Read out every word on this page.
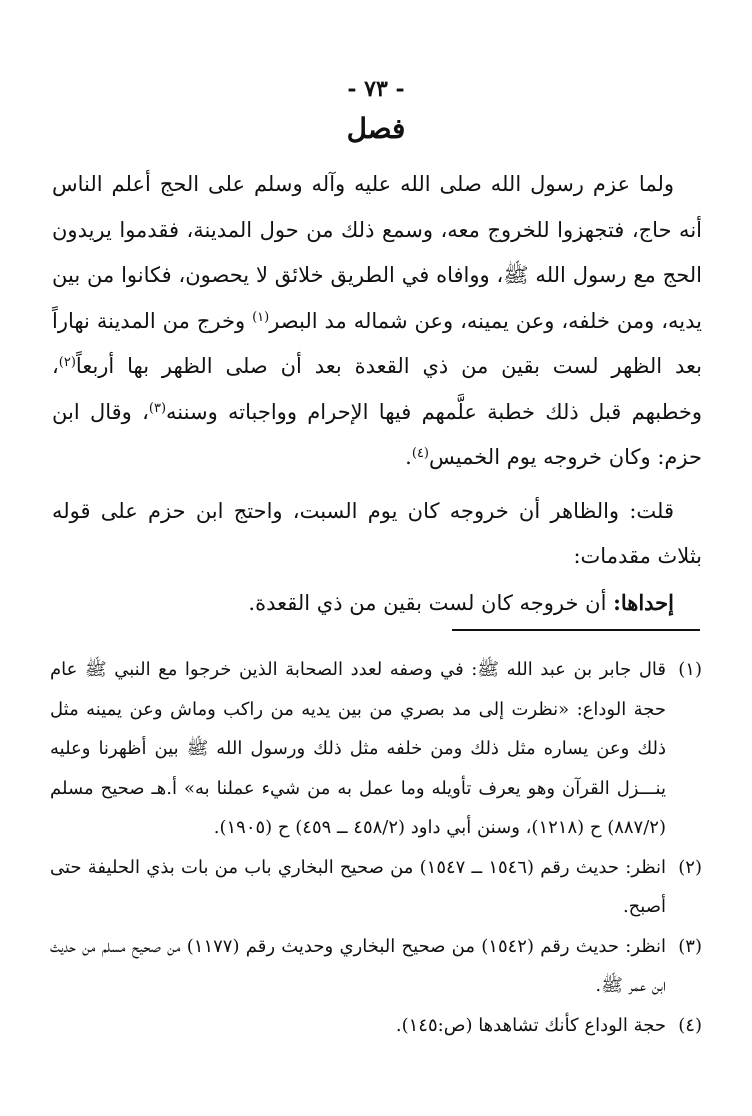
- ٧٣ -
فصل

ولما عزم رسول الله صلى الله عليه وآله وسلم على الحج أعلم الناس أنه حاج، فتجهزوا للخروج معه، وسمع ذلك من حول المدينة، فقدموا يريدون الحج مع رسول الله ﷺ، ووافاه في الطريق خلائق لا يحصون، فكانوا من بين يديه، ومن خلفه، وعن يمينه، وعن شماله مد البصر$^{(١)}$ وخرج من المدينة نهاراً بعد الظهر لست بقين من ذي القعدة بعد أن صلى الظهر بها أربعاً$^{(٢)}$، وخطبهم قبل ذلك خطبة علَّمهم فيها الإحرام وواجباته وسننه$^{(٣)}$، وقال ابن حزم: وكان خروجه يوم الخميس$^{(٤)}$.

قلت: والظاهر أن خروجه كان يوم السبت، واحتج ابن حزم على قوله بثلاث مقدمات:

إحداها: أن خروجه كان لست بقين من ذي القعدة.

(١)
قال جابر بن عبد الله ﷺ: في وصفه لعدد الصحابة الذين خرجوا مع النبي ﷺ عام حجة الوداع: «نظرت إلى مد بصري من بين يديه من راكب وماش وعن يمينه مثل ذلك وعن يساره مثل ذلك ومن خلفه مثل ذلك ورسول الله ﷺ بين أظهرنا وعليه ينـــزل القرآن وهو يعرف تأويله وما عمل به من شيء عملنا به» أ.هـ صحيح مسلم (٨٨٧/٢) ح (١٢١٨)، وسنن أبي داود (٤٥٨/٢ ــ ٤٥٩) ح (١٩٠٥).

(٢)
انظر: حديث رقم (١٥٤٦ ــ ١٥٤٧) من صحيح البخاري باب من بات بذي الحليفة حتى أصبح.

(٣)
انظر: حديث رقم (١٥٤٢) من صحيح البخاري وحديث رقم (١١٧٧) من صحيح مسلم من حديث ابن عمر ﷺ.

(٤)
حجة الوداع كأنك تشاهدها (ص:١٤٥).
